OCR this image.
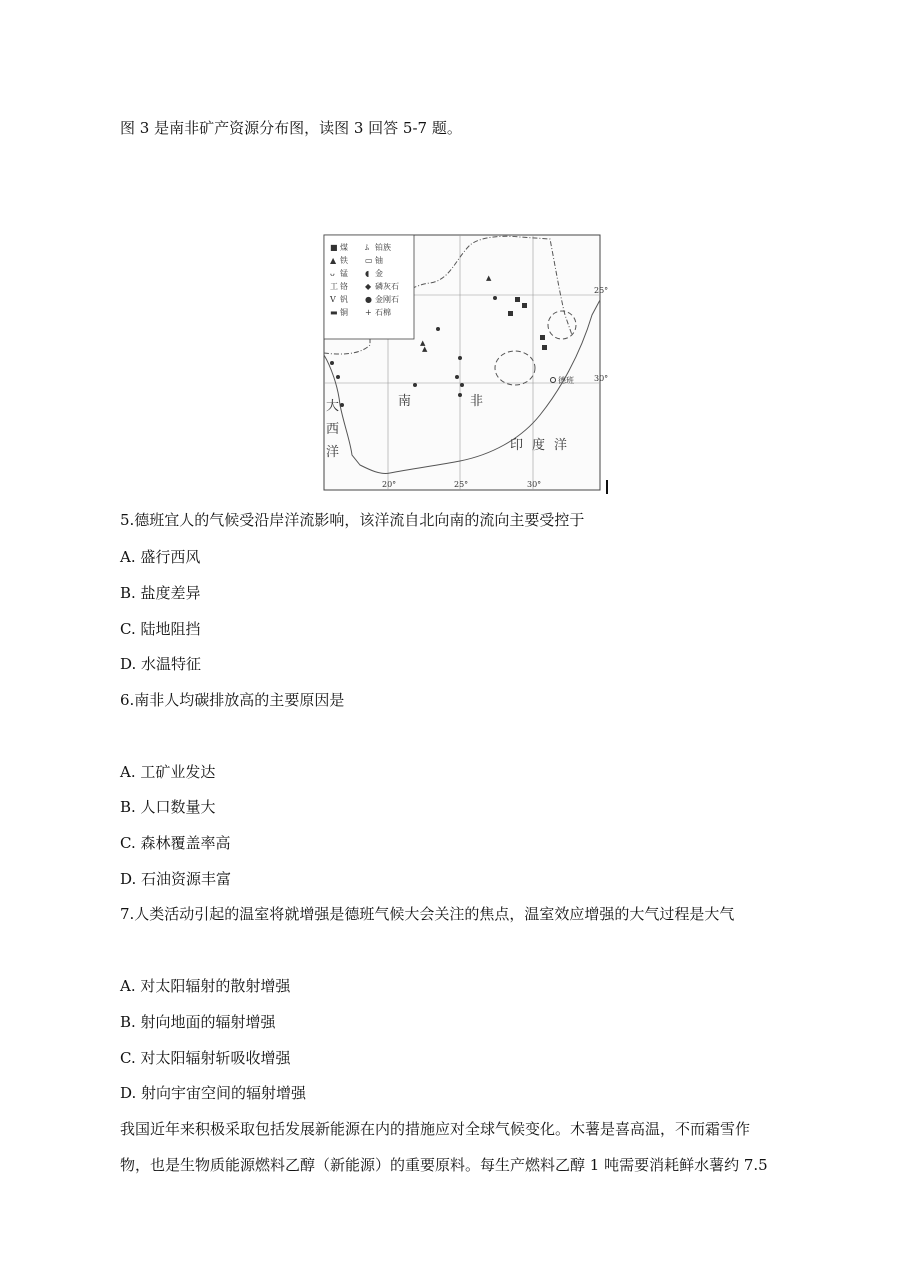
图 3 是南非矿产资源分布图，读图 3 回答 5-7 题。
■ 煤
▲ 铁
ᴗ 锰
工 铬
V 钒
▬ 铜
ﾑ 铂族
▭ 铀
◖ 金
◆ 磷灰石
● 金刚石
+ 石棉
▲
▲
▲
德班
南	非
大
西
洋	印 度 洋
20°	25°	30°
25°
30°
5.德班宜人的气候受沿岸洋流影响，该洋流自北向南的流向主要受控于
A. 盛行西风
B. 盐度差异
C. 陆地阻挡
D. 水温特征
6.南非人均碳排放高的主要原因是
A. 工矿业发达
B. 人口数量大
C. 森林覆盖率高
D. 石油资源丰富
7.人类活动引起的温室将就增强是德班气候大会关注的焦点，温室效应增强的大气过程是大气
A. 对太阳辐射的散射增强
B. 射向地面的辐射增强
C. 对太阳辐射斩吸收增强
D. 射向宇宙空间的辐射增强
我国近年来积极采取包括发展新能源在内的措施应对全球气候变化。木薯是喜高温，不而霜雪作
物，也是生物质能源燃料乙醇（新能源）的重要原料。每生产燃料乙醇 1 吨需要消耗鲜水薯约 7.5
